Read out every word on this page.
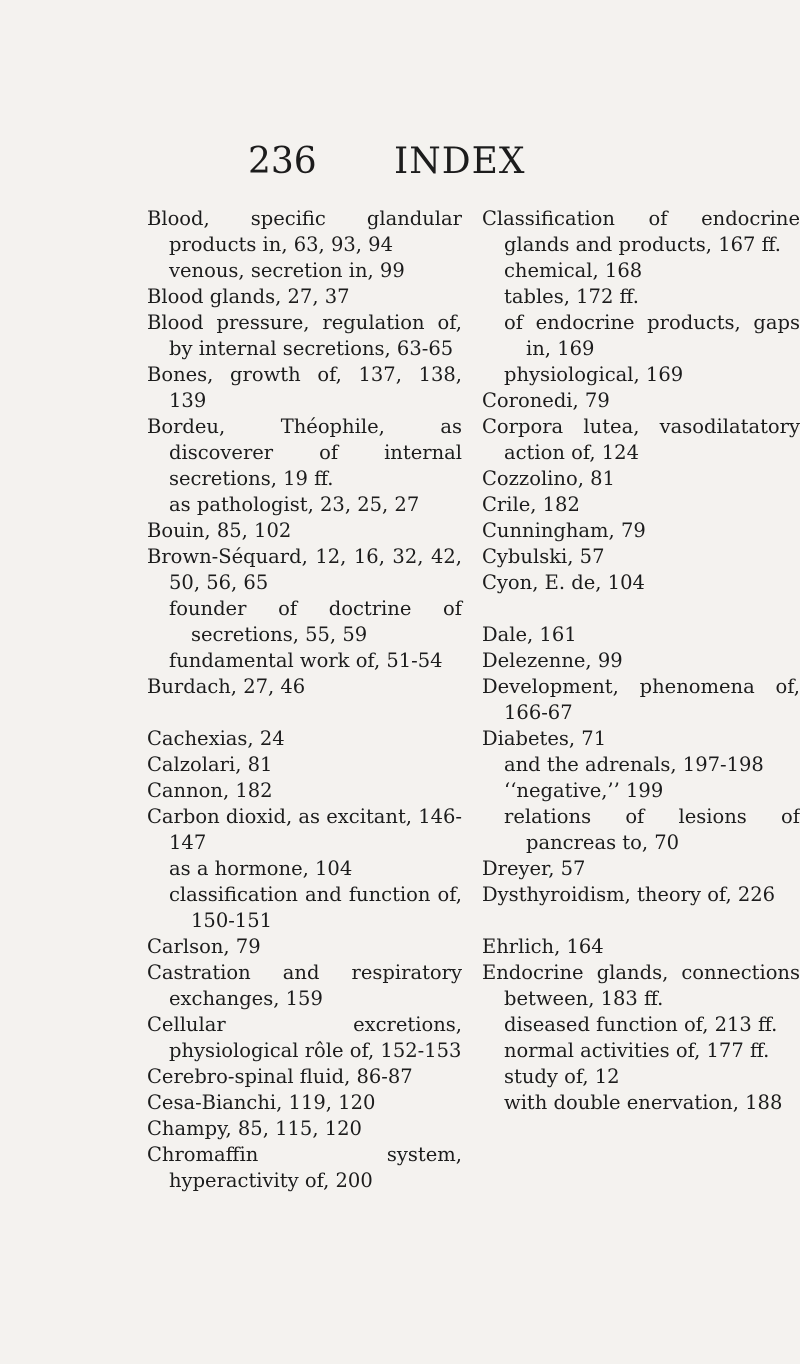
236 INDEX

Blood, specific glandular products in, 63, 93, 94

venous, secretion in, 99

Blood glands, 27, 37

Blood pressure, regulation of, by internal secretions, 63-65

Bones, growth of, 137, 138, 139

Bordeu, Théophile, as discoverer of internal secretions, 19 ff.

as pathologist, 23, 25, 27

Bouin, 85, 102

Brown-Séquard, 12, 16, 32, 42, 50, 56, 65

founder of doctrine of secretions, 55, 59

fundamental work of, 51-54

Burdach, 27, 46

Cachexias, 24

Calzolari, 81

Cannon, 182

Carbon dioxid, as excitant, 146-147

as a hormone, 104

classification and function of, 150-151

Carlson, 79

Castration and respiratory exchanges, 159

Cellular excretions, physiological rôle of, 152-153

Cerebro-spinal fluid, 86-87

Cesa-Bianchi, 119, 120

Champy, 85, 115, 120

Chromaffin system, hyperactivity of, 200

Classification of endocrine glands and products, 167 ff.

chemical, 168

tables, 172 ff.

of endocrine products, gaps in, 169

physiological, 169

Coronedi, 79

Corpora lutea, vasodilatatory action of, 124

Cozzolino, 81

Crile, 182

Cunningham, 79

Cybulski, 57

Cyon, E. de, 104

Dale, 161

Delezenne, 99

Development, phenomena of, 166-67

Diabetes, 71

and the adrenals, 197-198

‘‘negative,’’ 199

relations of lesions of pancreas to, 70

Dreyer, 57

Dysthyroidism, theory of, 226

Ehrlich, 164

Endocrine glands, connections between, 183 ff.

diseased function of, 213 ff.

normal activities of, 177 ff.

study of, 12

with double enervation, 188
